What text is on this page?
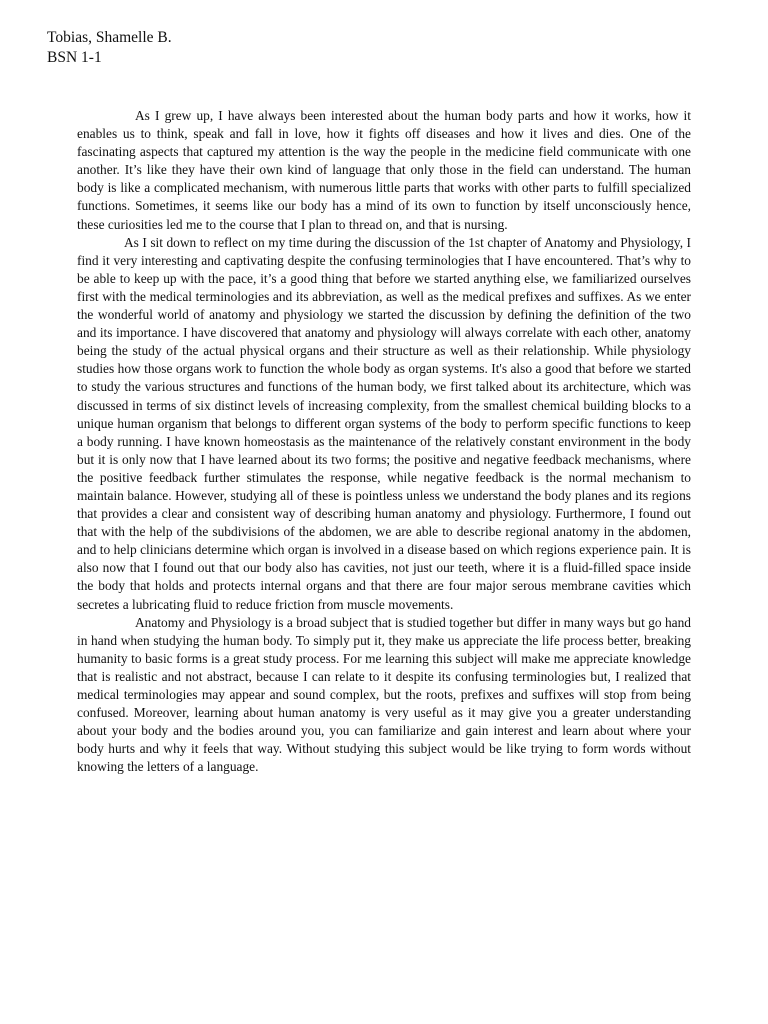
Tobias, Shamelle B.
BSN 1-1

As I grew up, I have always been interested about the human body parts and how it works, how it enables us to think, speak and fall in love, how it fights off diseases and how it lives and dies. One of the fascinating aspects that captured my attention is the way the people in the medicine field communicate with one another. It’s like they have their own kind of language that only those in the field can understand. The human body is like a complicated mechanism, with numerous little parts that works with other parts to fulfill specialized functions. Sometimes, it seems like our body has a mind of its own to function by itself unconsciously hence, these curiosities led me to the course that I plan to thread on, and that is nursing.

As I sit down to reflect on my time during the discussion of the 1st chapter of Anatomy and Physiology, I find it very interesting and captivating despite the confusing terminologies that I have encountered. That’s why to be able to keep up with the pace, it’s a good thing that before we started anything else, we familiarized ourselves first with the medical terminologies and its abbreviation, as well as the medical prefixes and suffixes. As we enter the wonderful world of anatomy and physiology we started the discussion by defining the definition of the two and its importance. I have discovered that anatomy and physiology will always correlate with each other, anatomy being the study of the actual physical organs and their structure as well as their relationship. While physiology studies how those organs work to function the whole body as organ systems. It's also a good that before we started to study the various structures and functions of the human body, we first talked about its architecture, which was discussed in terms of six distinct levels of increasing complexity, from the smallest chemical building blocks to a unique human organism that belongs to different organ systems of the body to perform specific functions to keep a body running. I have known homeostasis as the maintenance of the relatively constant environment in the body but it is only now that I have learned about its two forms; the positive and negative feedback mechanisms, where the positive feedback further stimulates the response, while negative feedback is the normal mechanism to maintain balance. However, studying all of these is pointless unless we understand the body planes and its regions that provides a clear and consistent way of describing human anatomy and physiology. Furthermore, I found out that with the help of the subdivisions of the abdomen, we are able to describe regional anatomy in the abdomen, and to help clinicians determine which organ is involved in a disease based on which regions experience pain. It is also now that I found out that our body also has cavities, not just our teeth, where it is a fluid-filled space inside the body that holds and protects internal organs and that there are four major serous membrane cavities which secretes a lubricating fluid to reduce friction from muscle movements.

Anatomy and Physiology is a broad subject that is studied together but differ in many ways but go hand in hand when studying the human body. To simply put it, they make us appreciate the life process better, breaking humanity to basic forms is a great study process. For me learning this subject will make me appreciate knowledge that is realistic and not abstract, because I can relate to it despite its confusing terminologies but, I realized that medical terminologies may appear and sound complex, but the roots, prefixes and suffixes will stop from being confused. Moreover, learning about human anatomy is very useful as it may give you a greater understanding about your body and the bodies around you, you can familiarize and gain interest and learn about where your body hurts and why it feels that way. Without studying this subject would be like trying to form words without knowing the letters of a language.
